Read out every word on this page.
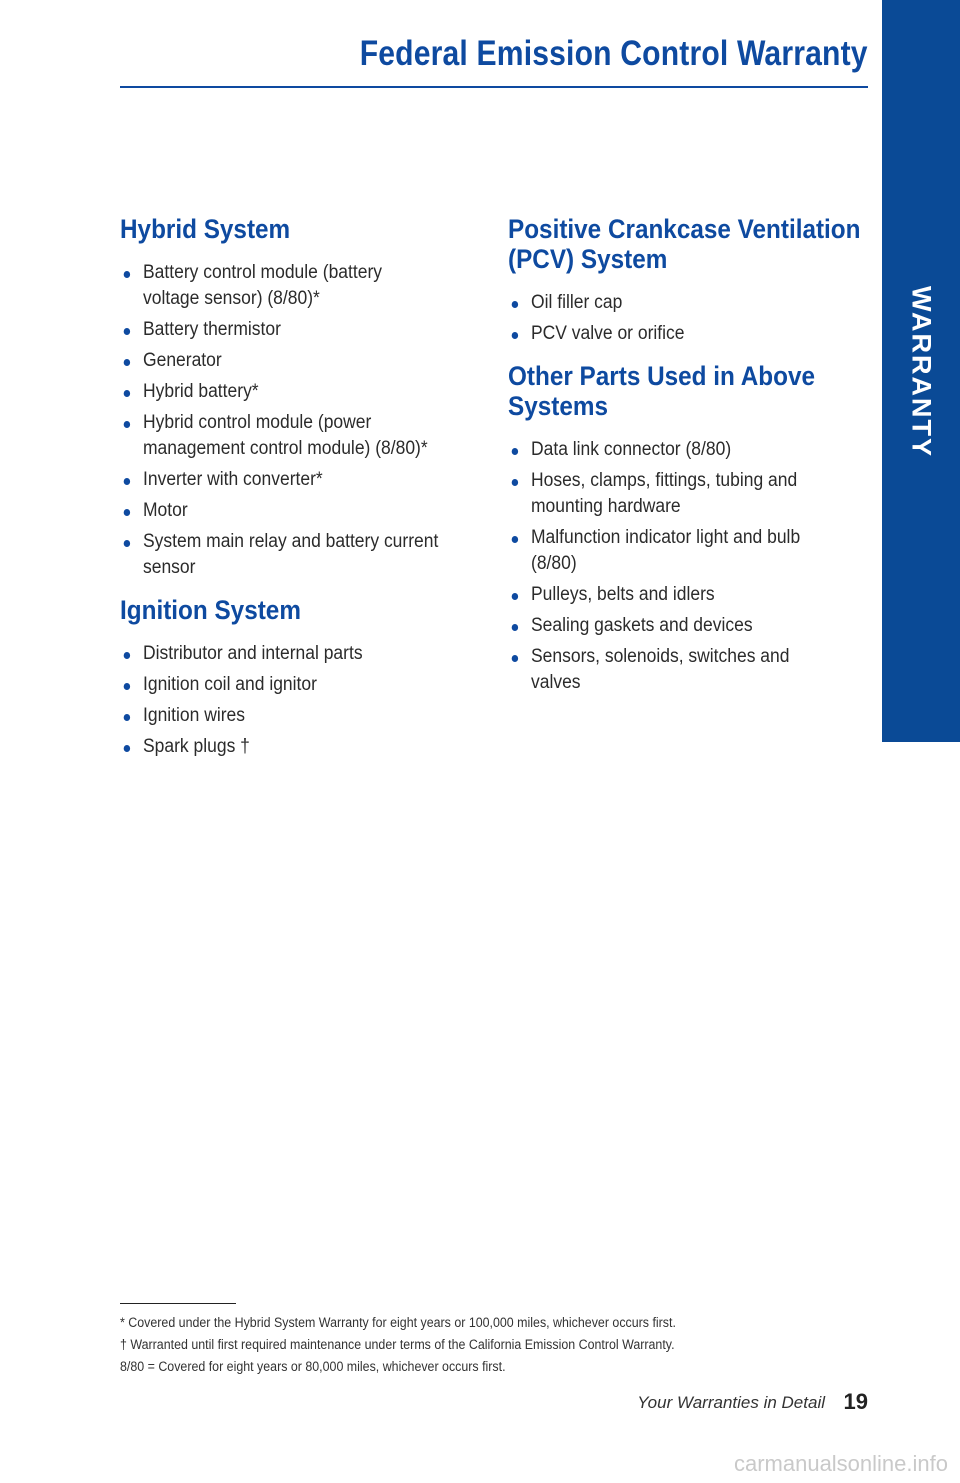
Federal Emission Control Warranty
WARRANTY
Hybrid System
Battery control module (battery
voltage sensor) (8/80)*
Battery thermistor
Generator
Hybrid battery*
Hybrid control module (power
management control module) (8/80)*
Inverter with converter*
Motor
System main relay and battery current
sensor
Ignition System
Distributor and internal parts
Ignition coil and ignitor
Ignition wires
Spark plugs †
Positive Crankcase Ventilation
(PCV) System
Oil filler cap
PCV valve or orifice
Other Parts Used in Above
Systems
Data link connector (8/80)
Hoses, clamps, fittings, tubing and
mounting hardware
Malfunction indicator light and bulb
(8/80)
Pulleys, belts and idlers
Sealing gaskets and devices
Sensors, solenoids, switches and
valves
* Covered under the Hybrid System Warranty for eight years or 100,000 miles, whichever occurs first.
† Warranted until first required maintenance under terms of the California Emission Control Warranty.
8/80 = Covered for eight years or 80,000 miles, whichever occurs first.
Your Warranties in Detail 19
carmanualsonline.info
